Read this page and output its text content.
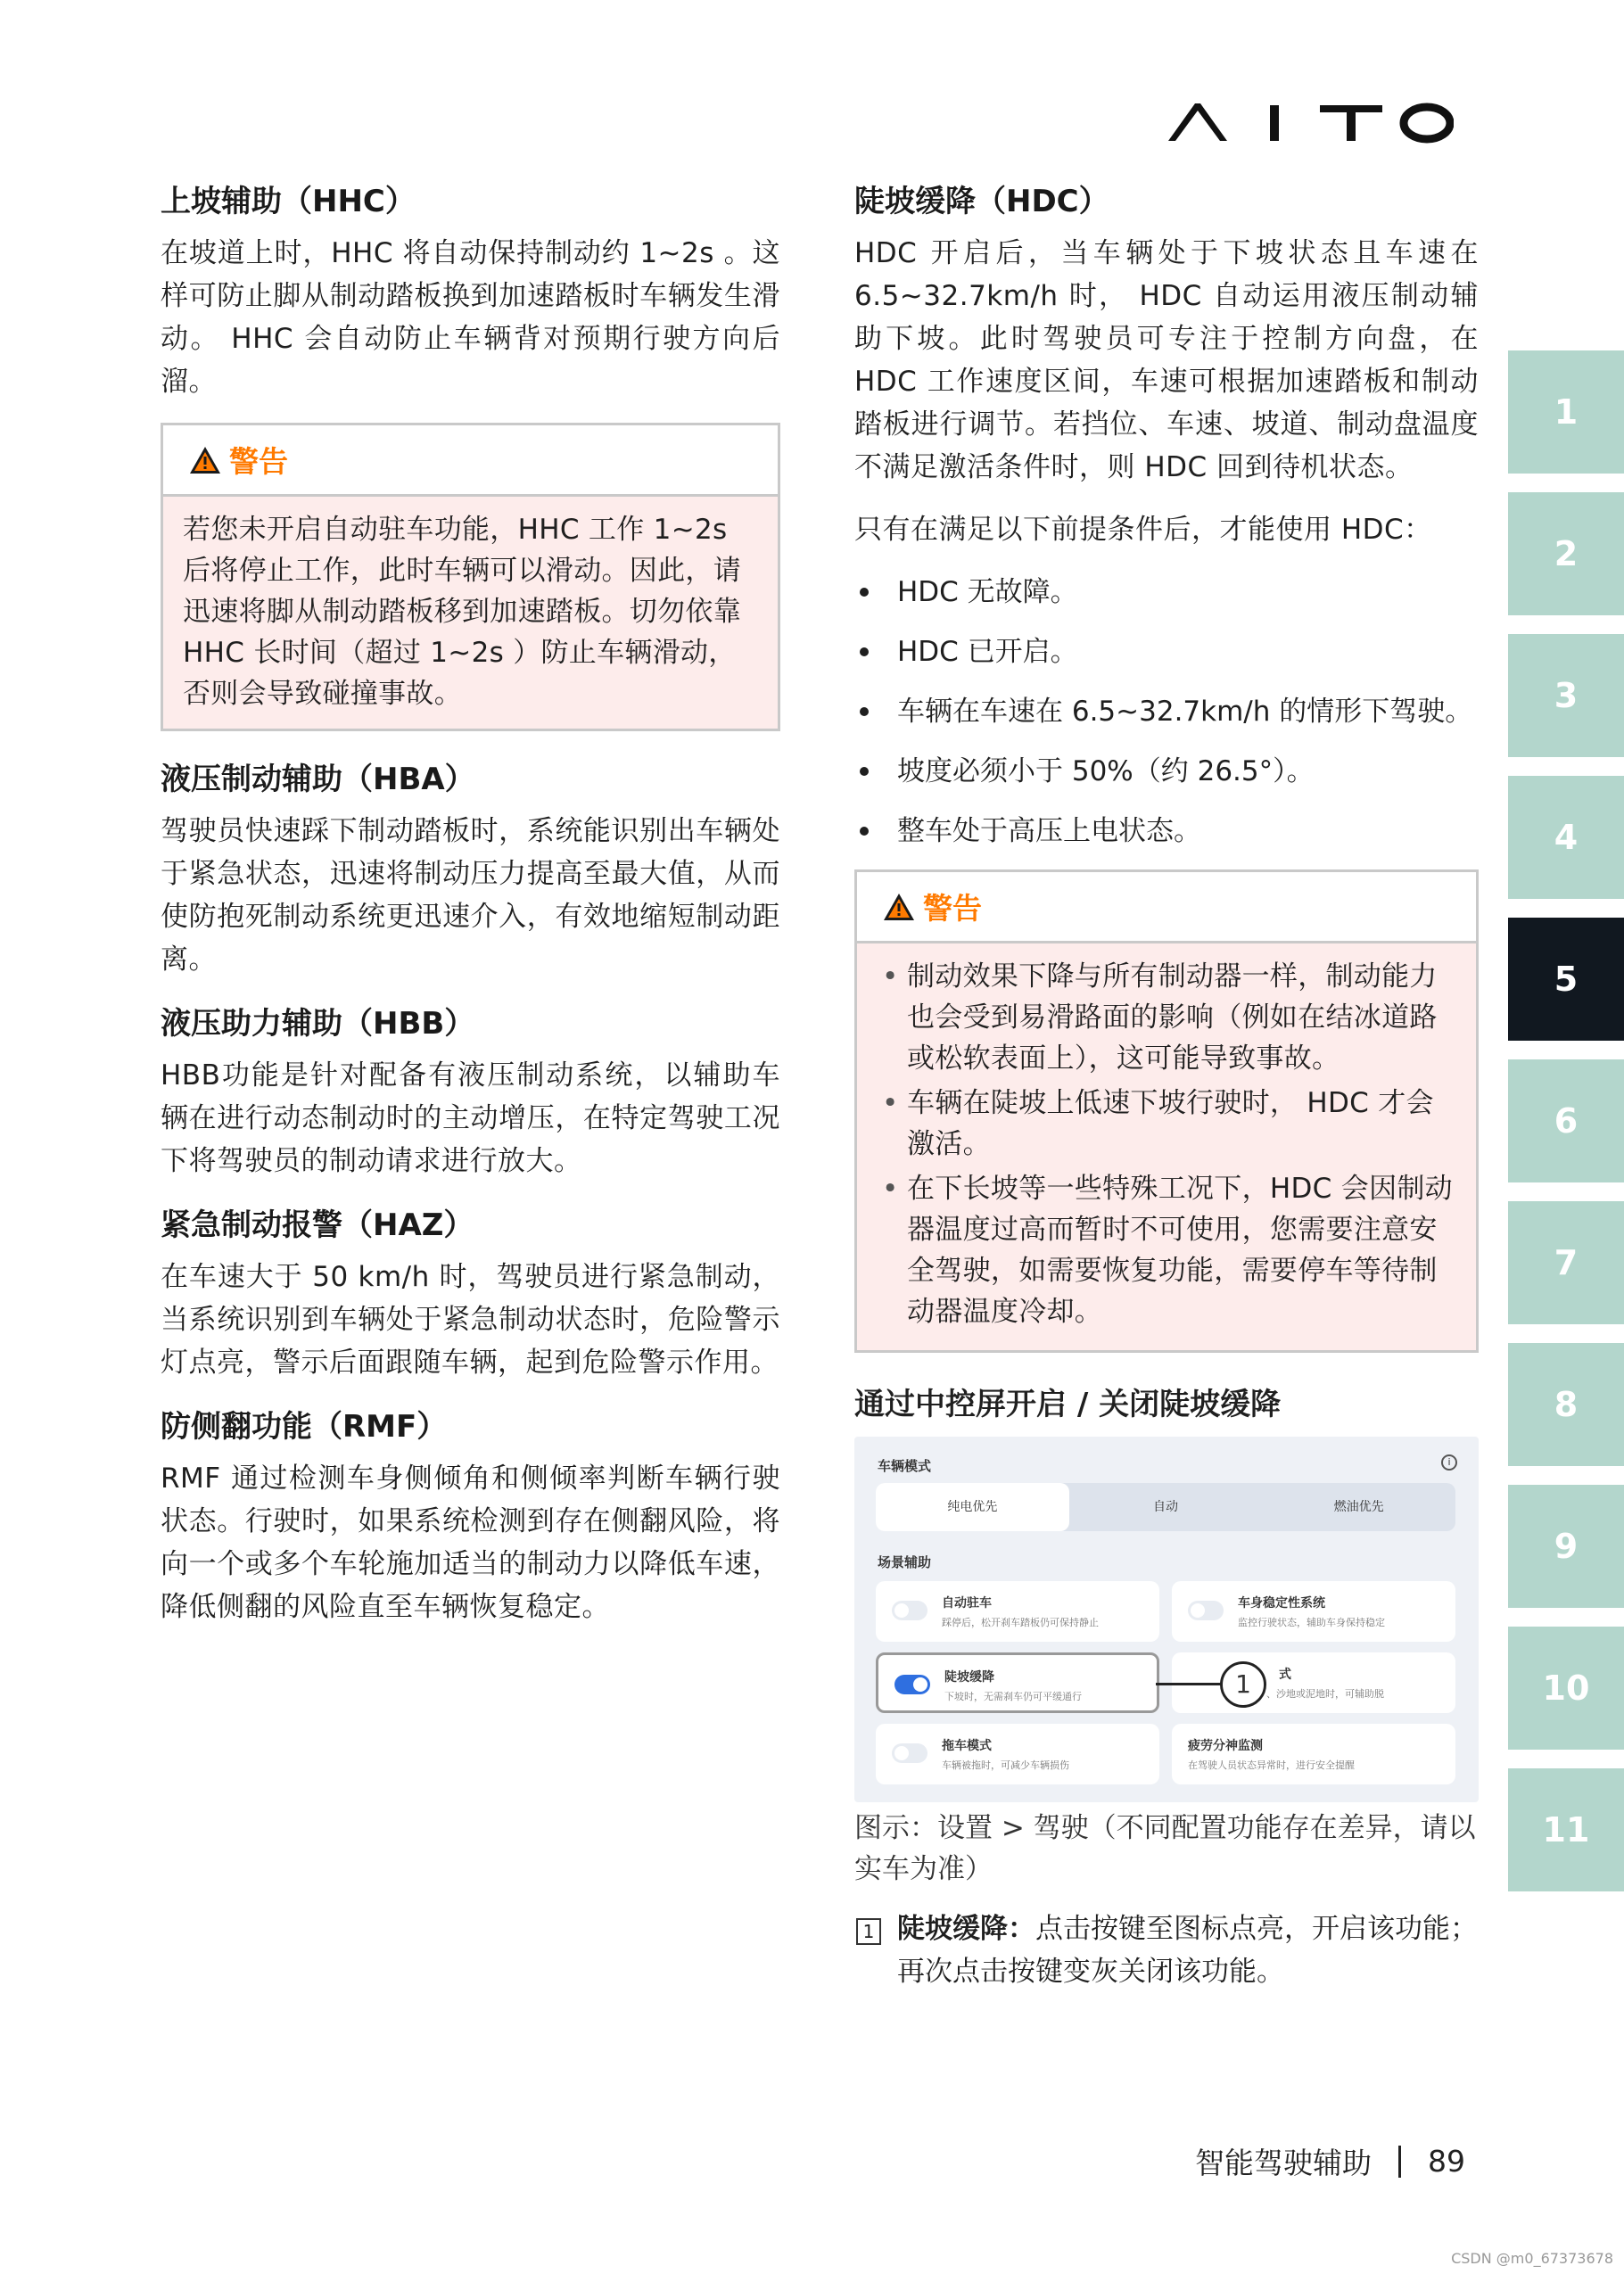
上坡辅助（HHC）

在坡道上时，HHC 将自动保持制动约 1~2s 。这样可防止脚从制动踏板换到加速踏板时车辆发生滑动。 HHC 会自动防止车辆背对预期行驶方向后溜。

警告
若您未开启自动驻车功能，HHC 工作 1~2s 后将停止工作，此时车辆可以滑动。因此，请迅速将脚从制动踏板移到加速踏板。切勿依靠 HHC 长时间（超过 1~2s ）防止车辆滑动，否则会导致碰撞事故。
液压制动辅助（HBA）

驾驶员快速踩下制动踏板时，系统能识别出车辆处于紧急状态，迅速将制动压力提高至最大值，从而使防抱死制动系统更迅速介入，有效地缩短制动距离。

液压助力辅助（HBB）

HBB功能是针对配备有液压制动系统，以辅助车辆在进行动态制动时的主动增压，在特定驾驶工况下将驾驶员的制动请求进行放大。

紧急制动报警（HAZ）

在车速大于 50 km/h 时，驾驶员进行紧急制动，当系统识别到车辆处于紧急制动状态时，危险警示灯点亮，警示后面跟随车辆，起到危险警示作用。

防侧翻功能（RMF）

RMF 通过检测车身侧倾角和侧倾率判断车辆行驶状态。行驶时，如果系统检测到存在侧翻风险，将向一个或多个车轮施加适当的制动力以降低车速，降低侧翻的风险直至车辆恢复稳定。

陡坡缓降（HDC）

HDC 开启后，当车辆处于下坡状态且车速在 6.5~32.7km/h 时， HDC 自动运用液压制动辅助下坡。此时驾驶员可专注于控制方向盘，在 HDC 工作速度区间，车速可根据加速踏板和制动踏板进行调节。若挡位、车速、坡道、制动盘温度不满足激活条件时，则 HDC 回到待机状态。

只有在满足以下前提条件后，才能使用 HDC：

HDC 无故障。
HDC 已开启。
车辆在车速在 6.5~32.7km/h 的情形下驾驶。
坡度必须小于 50%（约 26.5°）。
整车处于高压上电状态。
警告
• 制动效果下降与所有制动器一样，制动能力也会受到易滑路面的影响（例如在结冰道路或松软表面上），这可能导致事故。
• 车辆在陡坡上低速下坡行驶时， HDC 才会激活。
• 在下长坡等一些特殊工况下，HDC 会因制动器温度过高而暂时不可使用，您需要注意安全驾驶，如需要恢复功能，需要停车等待制动器温度冷却。
通过中控屏开启 / 关闭陡坡缓降
车辆模式	i
纯电优先	自动	燃油优先
场景辅助
自动驻车
踩停后，松开刹车踏板仍可保持静止
车身稳定性系统
监控行驶状态，辅助车身保持稳定
陡坡缓降
下坡时，无需刹车仍可平缓通行
式
、沙地或泥地时，可辅助脱
拖车模式
车辆被拖时，可减少车辆损伤
疲劳分神监测
在驾驶人员状态异常时，进行安全提醒
1
图示：设置 > 驾驶（不同配置功能存在差异，请以实车为准）
1 陡坡缓降：点击按键至图标点亮，开启该功能；再次点击按键变灰关闭该功能。
1
2
3
4
5
6
7
8
9
10
11
智能驾驶辅助 89
CSDN @m0_67373678
